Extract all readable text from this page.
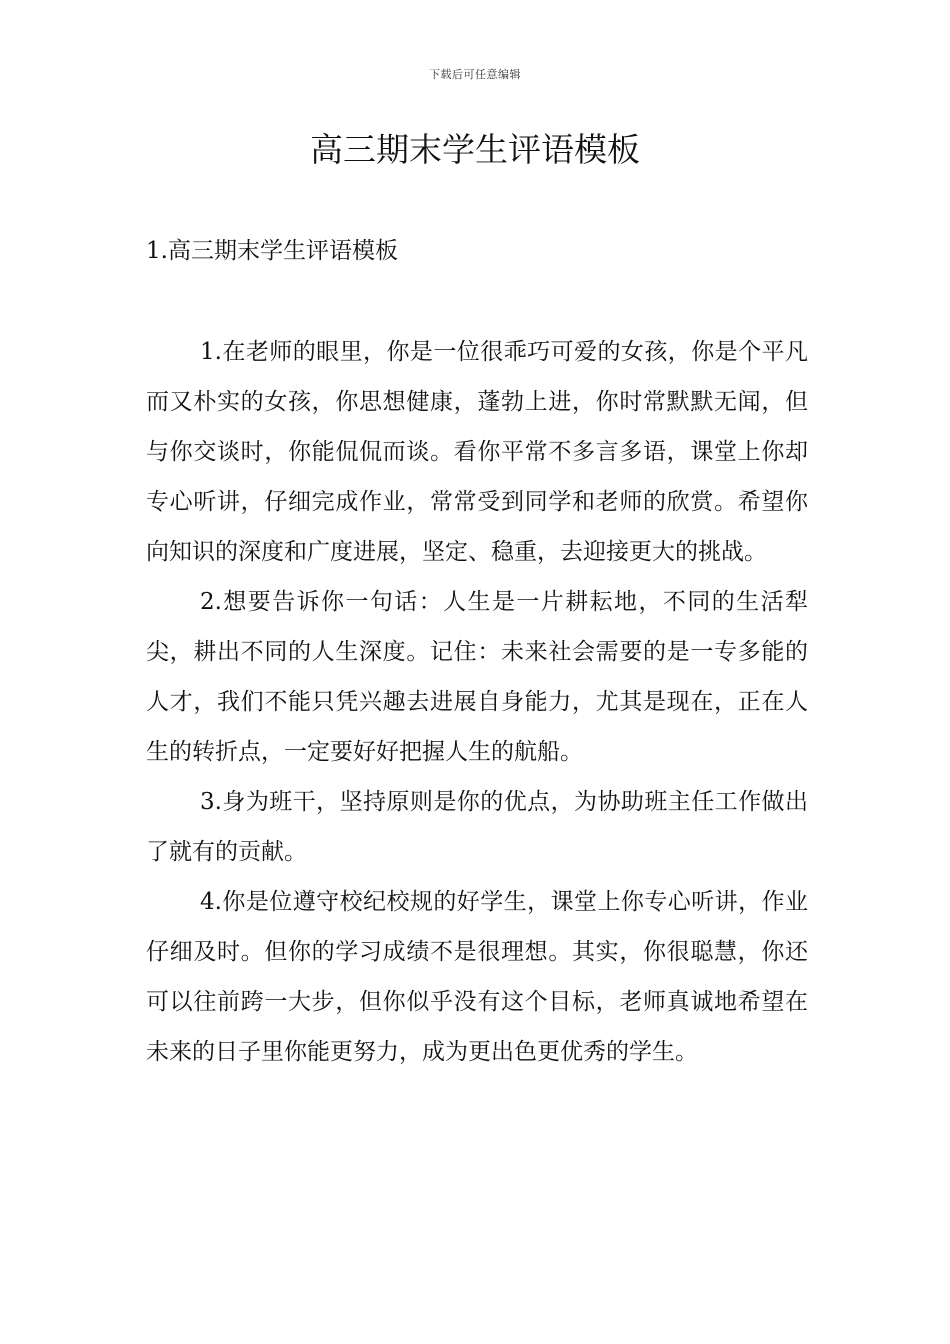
下载后可任意编辑
高三期末学生评语模板
1.高三期末学生评语模板

1.在老师的眼里，你是一位很乖巧可爱的女孩，你是个平凡而又朴实的女孩，你思想健康，蓬勃上进，你时常默默无闻，但与你交谈时，你能侃侃而谈。看你平常不多言多语，课堂上你却专心听讲，仔细完成作业，常常受到同学和老师的欣赏。希望你向知识的深度和广度进展，坚定、稳重，去迎接更大的挑战。

2.想要告诉你一句话：人生是一片耕耘地，不同的生活犁尖，耕出不同的人生深度。记住：未来社会需要的是一专多能的人才，我们不能只凭兴趣去进展自身能力，尤其是现在，正在人生的转折点，一定要好好把握人生的航船。

3.身为班干，坚持原则是你的优点，为协助班主任工作做出了就有的贡献。

4.你是位遵守校纪校规的好学生，课堂上你专心听讲，作业仔细及时。但你的学习成绩不是很理想。其实，你很聪慧，你还可以往前跨一大步，但你似乎没有这个目标，老师真诚地希望在未来的日子里你能更努力，成为更出色更优秀的学生。
